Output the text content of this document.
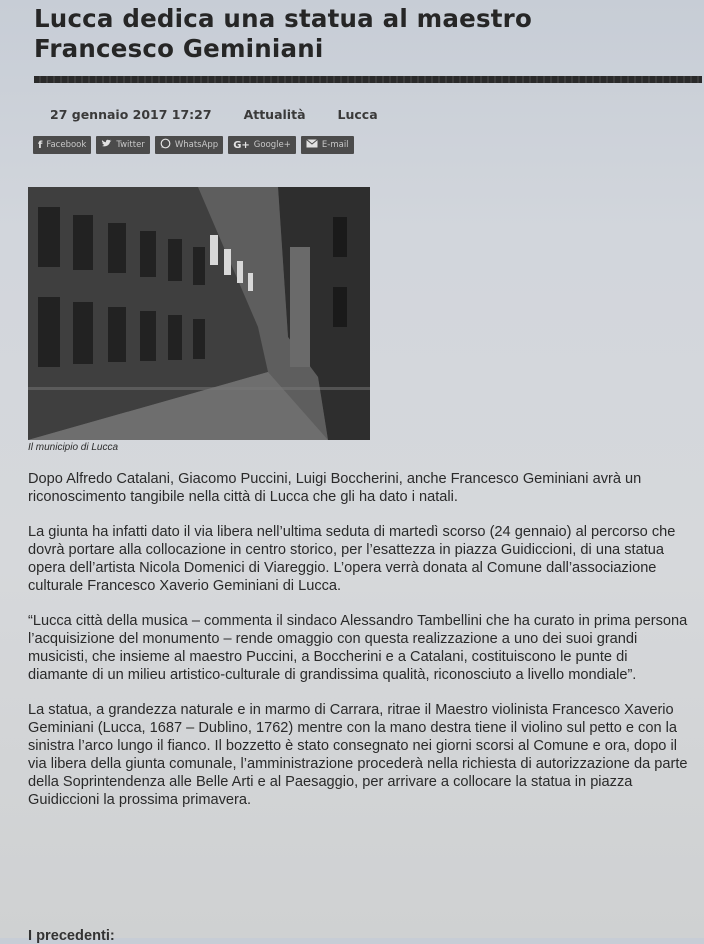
Lucca dedica una statua al maestro Francesco Geminiani
27 gennaio 2017 17:27	Attualità	Lucca
f Facebook	Twitter	WhatsApp G+ Google+	E-mail
Il municipio di Lucca

Dopo Alfredo Catalani, Giacomo Puccini, Luigi Boccherini, anche Francesco Geminiani avrà un riconoscimento tangibile nella città di Lucca che gli ha dato i natali.

La giunta ha infatti dato il via libera nell’ultima seduta di martedì scorso (24 gennaio) al percorso che dovrà portare alla collocazione in centro storico, per l’esattezza in piazza Guidiccioni, di una statua opera dell’artista Nicola Domenici di Viareggio. L’opera verrà donata al Comune dall’associazione culturale Francesco Xaverio Geminiani di Lucca.

“Lucca città della musica – commenta il sindaco Alessandro Tambellini che ha curato in prima persona l’acquisizione del monumento – rende omaggio con questa realizzazione a uno dei suoi grandi musicisti, che insieme al maestro Puccini, a Boccherini e a Catalani, costituiscono le punte di diamante di un milieu artistico-culturale di grandissima qualità, riconosciuto a livello mondiale”.

La statua, a grandezza naturale e in marmo di Carrara, ritrae il Maestro violinista Francesco Xaverio Geminiani (Lucca, 1687 – Dublino, 1762) mentre con la mano destra tiene il violino sul petto e con la sinistra l’arco lungo il fianco. Il bozzetto è stato consegnato nei giorni scorsi al Comune e ora, dopo il via libera della giunta comunale, l’amministrazione procederà nella richiesta di autorizzazione da parte della Soprintendenza alle Belle Arti e al Paesaggio, per arrivare a collocare la statua in piazza Guidiccioni la prossima primavera.

I precedenti:
